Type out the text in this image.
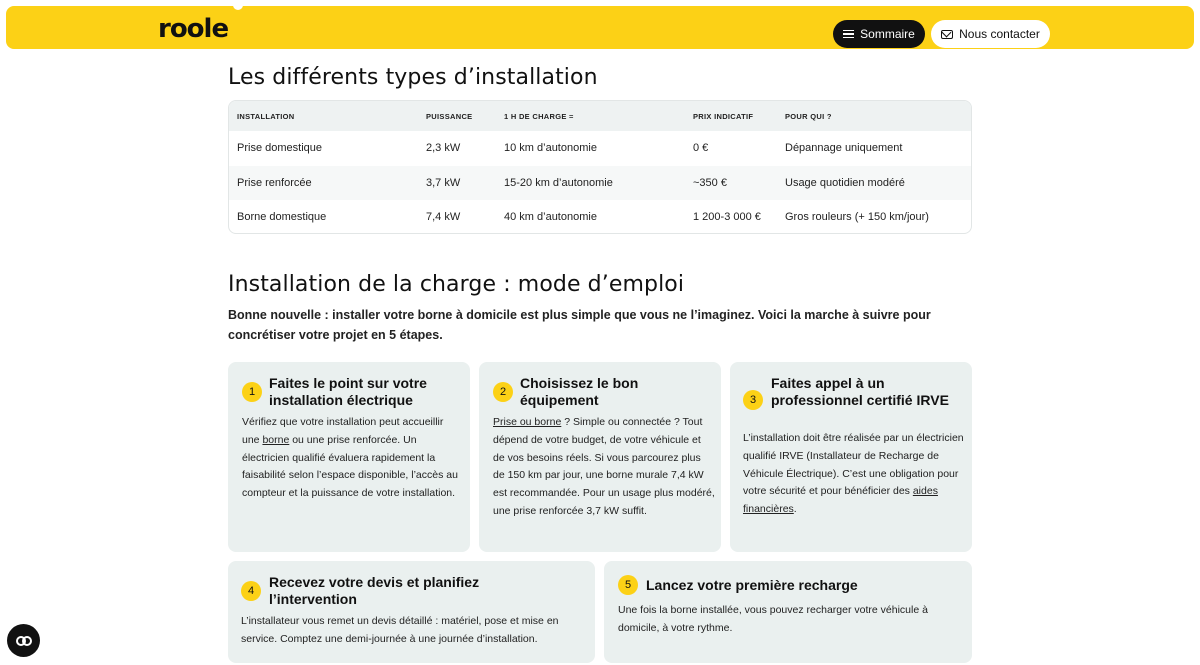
roole	Sommaire	Nous contacter
Les différents types d’installation
INSTALLATION	PUISSANCE	1 H DE CHARGE =	PRIX INDICATIF	POUR QUI ?
Prise domestique	2,3 kW	10 km d’autonomie	0 €	Dépannage uniquement
Prise renforcée	3,7 kW	15-20 km d’autonomie	~350 €	Usage quotidien modéré
Borne domestique	7,4 kW	40 km d’autonomie	1 200-3 000 €	Gros rouleurs (+ 150 km/jour)
Installation de la charge : mode d’emploi

Bonne nouvelle : installer votre borne à domicile est plus simple que vous ne l’imaginez. Voici la marche à suivre pour concrétiser votre projet en 5 étapes.

1
Faites le point sur votre installation électrique

Vérifiez que votre installation peut accueillir une borne ou une prise renforcée. Un électricien qualifié évaluera rapidement la faisabilité selon l’espace disponible, l’accès au compteur et la puissance de votre installation.

2
Choisissez le bon équipement

Prise ou borne ? Simple ou connectée ? Tout dépend de votre budget, de votre véhicule et de vos besoins réels. Si vous parcourez plus de 150 km par jour, une borne murale 7,4 kW est recommandée. Pour un usage plus modéré, une prise renforcée 3,7 kW suffit.

3
Faites appel à un professionnel certifié IRVE

L’installation doit être réalisée par un électricien qualifié IRVE (Installateur de Recharge de Véhicule Électrique). C’est une obligation pour votre sécurité et pour bénéficier des aides financières.

4
Recevez votre devis et planifiez l’intervention

L’installateur vous remet un devis détaillé : matériel, pose et mise en service. Comptez une demi-journée à une journée d’installation.

5	Lancez votre première recharge

Une fois la borne installée, vous pouvez recharger votre véhicule à domicile, à votre rythme.
